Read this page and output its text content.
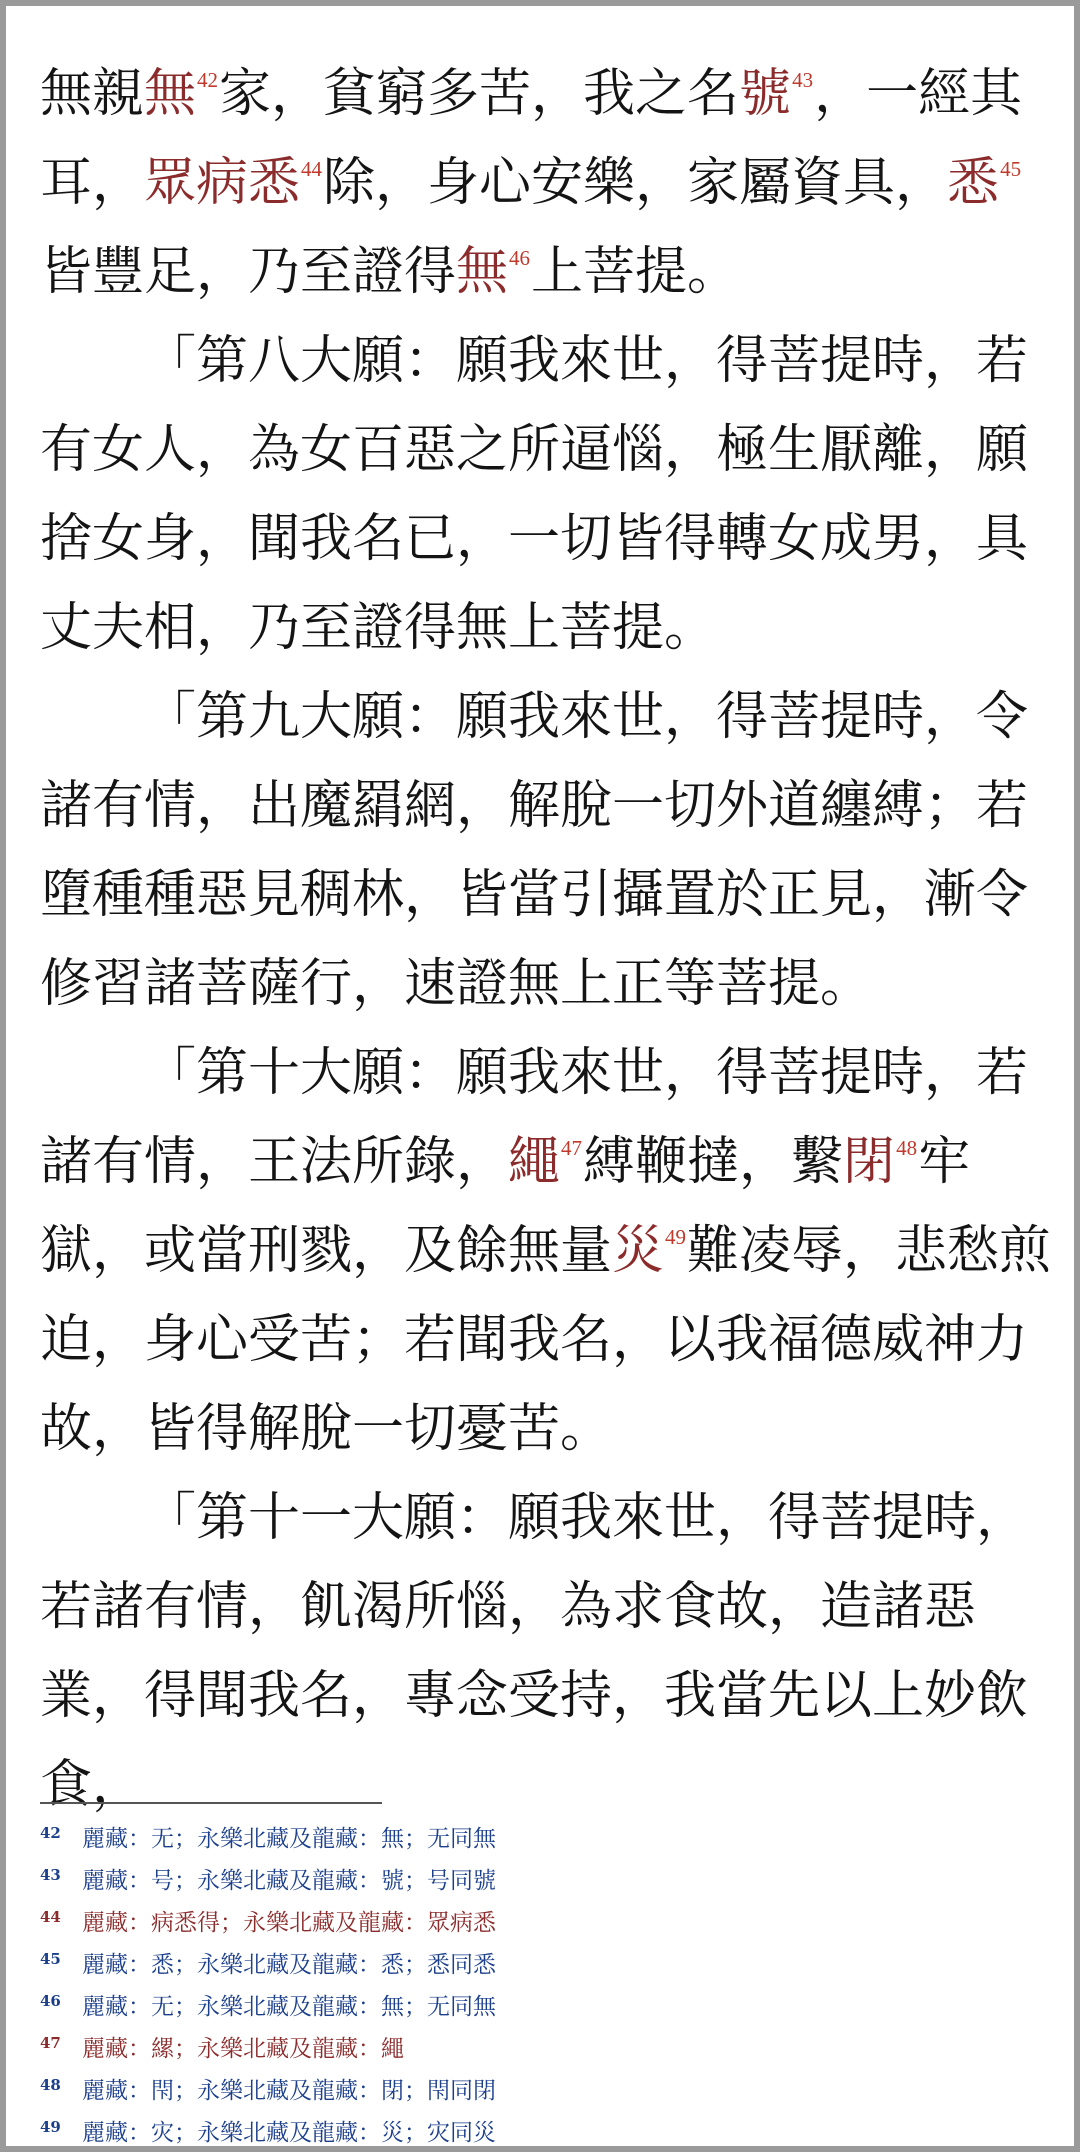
無親無$^{42}$家，貧窮多苦，我之名號$^{43}$，一經其耳，眾病悉$^{44}$除，身心安樂，家屬資具，悉$^{45}$皆豐足，乃至證得無$^{46}$上菩提。

「第八大願：願我來世，得菩提時，若有女人，為女百惡之所逼惱，極生厭離，願捨女身，聞我名已，一切皆得轉女成男，具丈夫相，乃至證得無上菩提。

「第九大願：願我來世，得菩提時，令諸有情，出魔羂網，解脫一切外道纏縛；若墮種種惡見稠林，皆當引攝置於正見，漸令修習諸菩薩行，速證無上正等菩提。

「第十大願：願我來世，得菩提時，若諸有情，王法所錄，繩$^{47}$縛鞭撻，繫閉$^{48}$牢獄，或當刑戮，及餘無量災$^{49}$難凌辱，悲愁煎迫，身心受苦；若聞我名，以我福德威神力故，皆得解脫一切憂苦。

「第十一大願：願我來世，得菩提時，若諸有情，飢渴所惱，為求食故，造諸惡業，得聞我名，專念受持，我當先以上妙飲食，

42 麗藏：无；永樂北藏及龍藏：無；无同無
43 麗藏：号；永樂北藏及龍藏：號；号同號
44 麗藏：病悉得；永樂北藏及龍藏：眾病悉
45 麗藏：悉；永樂北藏及龍藏：悉；悉同悉
46 麗藏：无；永樂北藏及龍藏：無；无同無
47 麗藏：縲；永樂北藏及龍藏：繩
48 麗藏：閇；永樂北藏及龍藏：閉；閇同閉
49 麗藏：灾；永樂北藏及龍藏：災；灾同災
